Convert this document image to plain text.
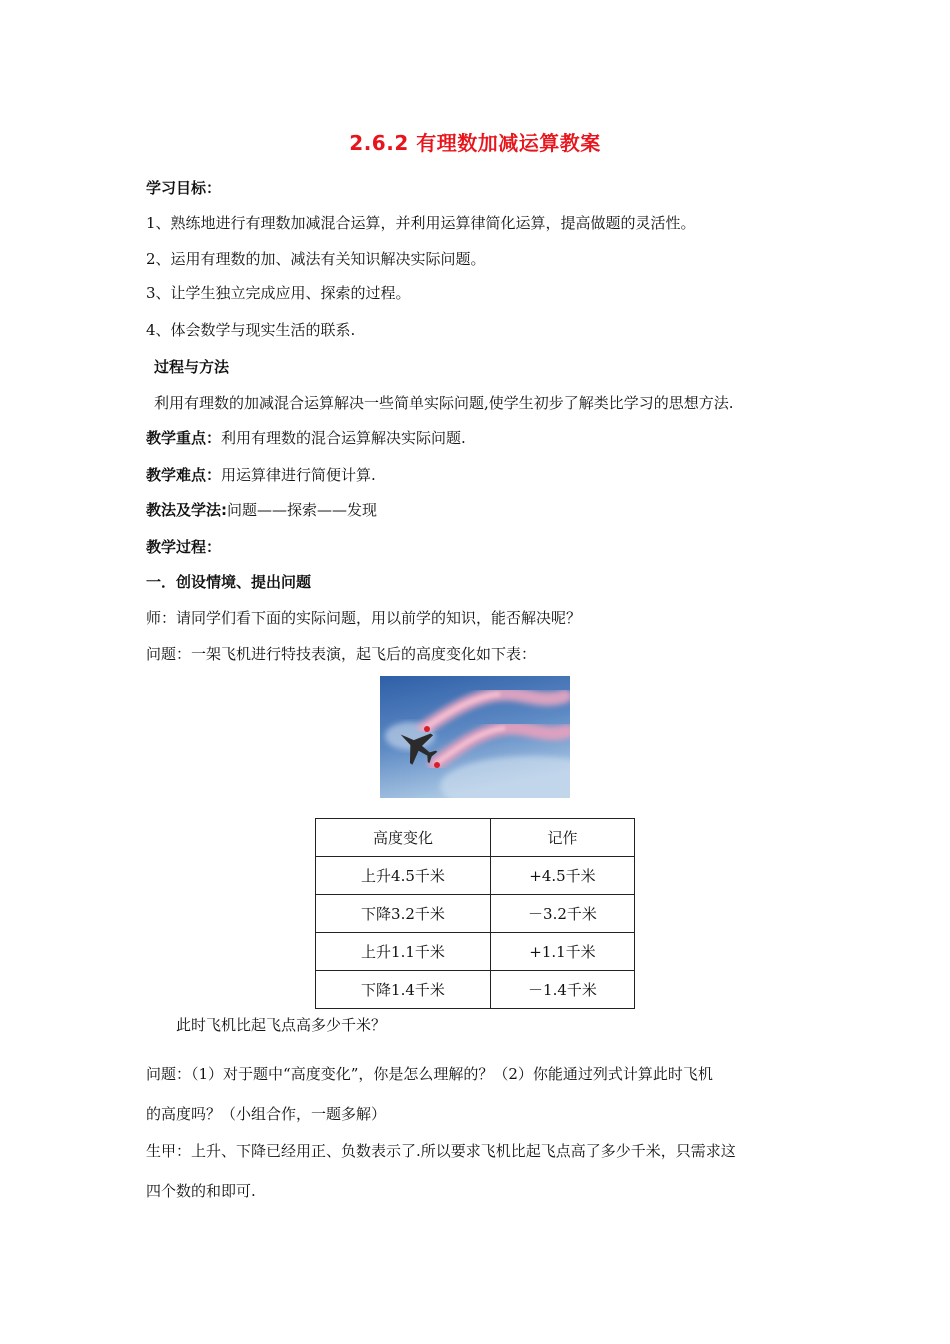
2.6.2 有理数加减运算教案
学习目标：
1、熟练地进行有理数加减混合运算，并利用运算律简化运算，提高做题的灵活性。
2、运用有理数的加、减法有关知识解决实际问题。
3、让学生独立完成应用、探索的过程。
4、体会数学与现实生活的联系.
过程与方法
利用有理数的加减混合运算解决一些简单实际问题,使学生初步了解类比学习的思想方法.
教学重点：利用有理数的混合运算解决实际问题.
教学难点：用运算律进行简便计算.
教法及学法:问题——探索——发现
教学过程：
一．创设情境、提出问题
师：请同学们看下面的实际问题，用以前学的知识，能否解决呢？
问题：一架飞机进行特技表演，起飞后的高度变化如下表：
高度变化	记作
上升4.5千米	+4.5千米
下降3.2千米	－3.2千米
上升1.1千米	+1.1千米
下降1.4千米	－1.4千米
此时飞机比起飞点高多少千米？
问题：（1）对于题中“高度变化”，你是怎么理解的？（2）你能通过列式计算此时飞机
的高度吗？（小组合作，一题多解）
生甲：上升、下降已经用正、负数表示了.所以要求飞机比起飞点高了多少千米，只需求这
四个数的和即可.
